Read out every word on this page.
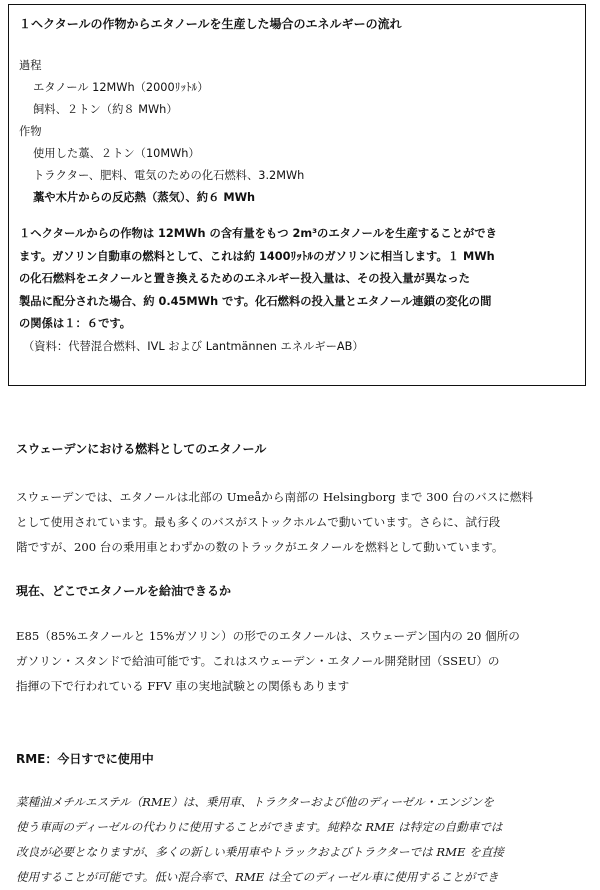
１ヘクタールの作物からエタノールを生産した場合のエネルギーの流れ
過程
エタノール 12MWh（2000ﾘｯﾄﾙ）
飼料、２トン（約８ MWh）
作物
使用した藁、２トン（10MWh）
トラクター、肥料、電気のための化石燃料、3.2MWh
藁や木片からの反応熱（蒸気）、約６ MWh
１ヘクタールからの作物は 12MWh の含有量をもつ 2m³のエタノールを生産することができ
ます。ガソリン自動車の燃料として、これは約 1400ﾘｯﾄﾙのガソリンに相当します。１ MWh
の化石燃料をエタノールと置き換えるためのエネルギー投入量は、その投入量が異なった
製品に配分された場合、約 0.45MWh です。化石燃料の投入量とエタノール連鎖の変化の間
の関係は１：６です。
（資料：代替混合燃料、IVL および Lantmännen エネルギーAB）
スウェーデンにおける燃料としてのエタノール
スウェーデンでは、エタノールは北部の Umeåから南部の Helsingborg まで 300 台のバスに燃料
として使用されています。最も多くのバスがストックホルムで動いています。さらに、試行段
階ですが、200 台の乗用車とわずかの数のトラックがエタノールを燃料として動いています。
現在、どこでエタノールを給油できるか
E85（85%エタノールと 15%ガソリン）の形でのエタノールは、スウェーデン国内の 20 個所の
ガソリン・スタンドで給油可能です。これはスウェーデン・エタノール開発財団（SSEU）の
指揮の下で行われている FFV 車の実地試験との関係もあります
RME：今日すでに使用中
菜種油メチルエステル（RME）は、乗用車、トラクターおよび他のディーゼル・エンジンを
使う車両のディーゼルの代わりに使用することができます。純粋な RME は特定の自動車では
改良が必要となりますが、多くの新しい乗用車やトラックおよびトラクターでは RME を直接
使用することが可能です。低い混合率で、RME は全てのディーゼル車に使用することができ
